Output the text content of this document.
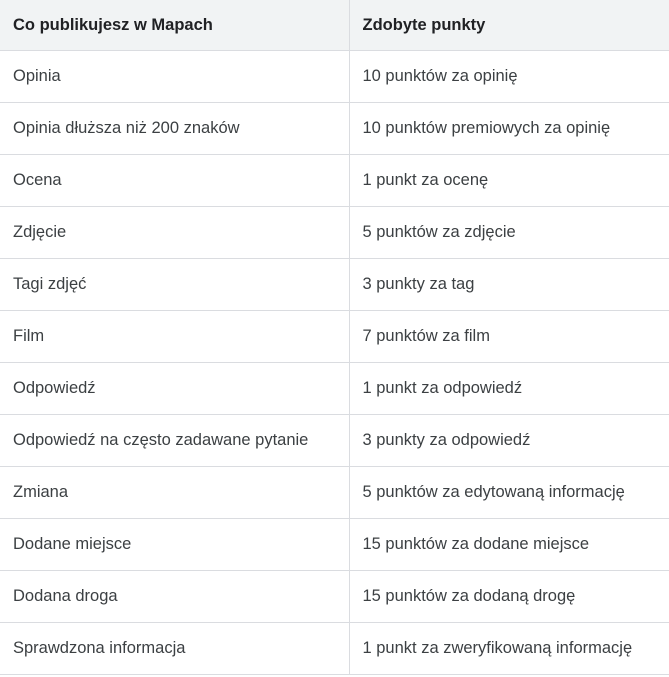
Co publikujesz w Mapach	Zdobyte punkty
Opinia	10 punktów za opinię
Opinia dłuższa niż 200 znaków	10 punktów premiowych za opinię
Ocena	1 punkt za ocenę
Zdjęcie	5 punktów za zdjęcie
Tagi zdjęć	3 punkty za tag
Film	7 punktów za film
Odpowiedź	1 punkt za odpowiedź
Odpowiedź na często zadawane pytanie	3 punkty za odpowiedź
Zmiana	5 punktów za edytowaną informację
Dodane miejsce	15 punktów za dodane miejsce
Dodana droga	15 punktów za dodaną drogę
Sprawdzona informacja	1 punkt za zweryfikowaną informację
